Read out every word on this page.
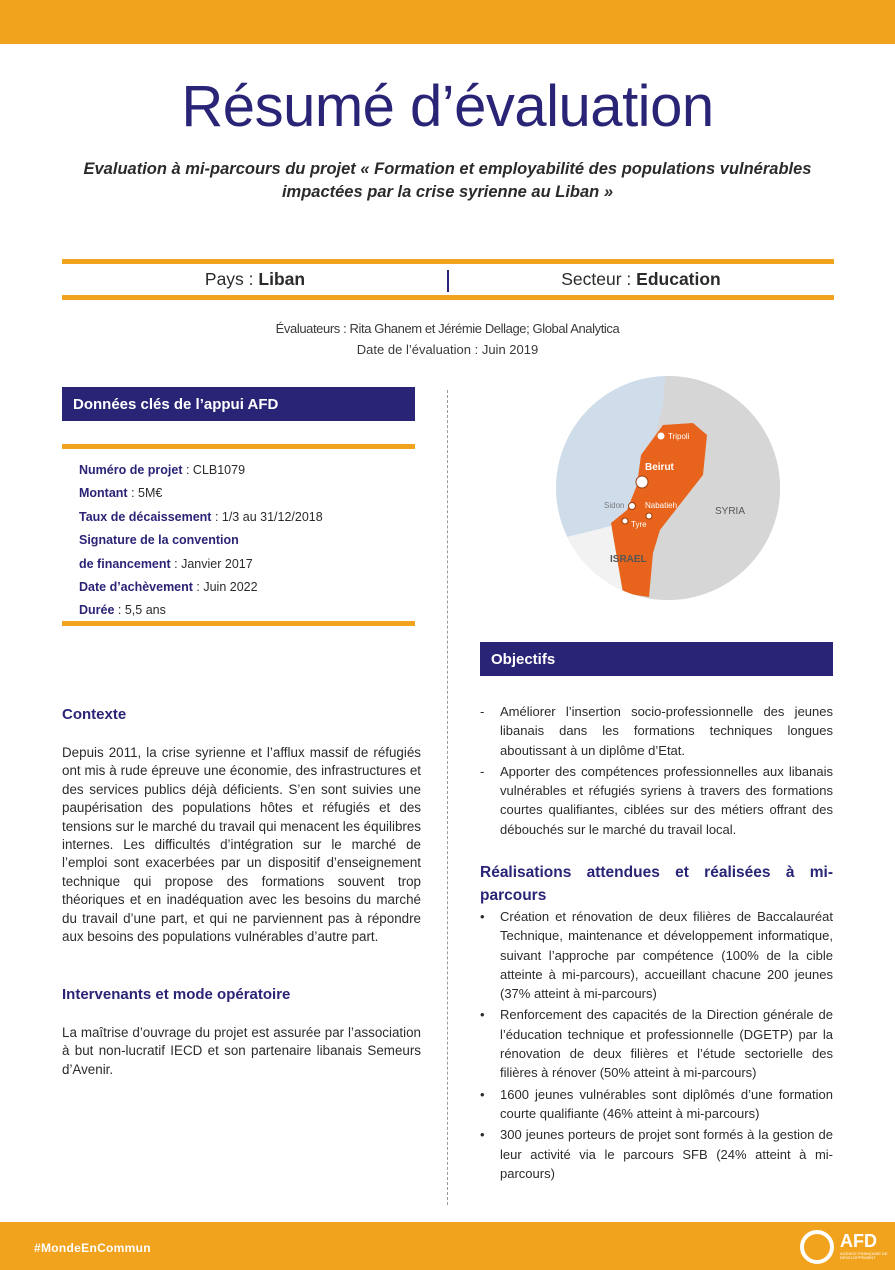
Résumé d’évaluation
Evaluation à mi-parcours du projet « Formation et employabilité des populations vulnérables
impactées par la crise syrienne au Liban »
Pays : Liban	Secteur : Education
Évaluateurs : Rita Ghanem et Jérémie Dellage; Global Analytica
Date de l’évaluation : Juin 2019
Données clés de l’appui AFD
Numéro de projet : CLB1079
Montant : 5M€
Taux de décaissement : 1/3 au 31/12/2018
Signature de la convention
de financement : Janvier 2017
Date d’achèvement : Juin 2022
Durée : 5,5 ans
Tripoli
Beirut
Sidon	Nabatieh
Tyre
ISRAEL
SYRIA
Contexte
Depuis 2011, la crise syrienne et l’afflux massif de réfugiés ont mis à rude épreuve une économie, des infrastructures et des services publics déjà déficients. S’en sont suivies une paupérisation des populations hôtes et réfugiés et des tensions sur le marché du travail qui menacent les équilibres internes. Les difficultés d’intégration sur le marché de l’emploi sont exacerbées par un dispositif d’enseignement technique qui propose des formations souvent trop théoriques et en inadéquation avec les besoins du marché du travail d’une part, et qui ne parviennent pas à répondre aux besoins des populations vulnérables d’autre part.
Intervenants et mode opératoire
La maîtrise d’ouvrage du projet est assurée par l’association à but non-lucratif IECD et son partenaire libanais Semeurs d’Avenir.
Objectifs
- Améliorer l’insertion socio-professionnelle des jeunes libanais dans les formations techniques longues aboutissant à un diplôme d’Etat.
- Apporter des compétences professionnelles aux libanais vulnérables et réfugiés syriens à travers des formations courtes qualifiantes, ciblées sur des métiers offrant des débouchés sur le marché du travail local.
Réalisations attendues et réalisées à mi-parcours
• Création et rénovation de deux filières de Baccalauréat Technique, maintenance et développement informatique, suivant l’approche par compétence (100% de la cible atteinte à mi-parcours), accueillant chacune 200 jeunes (37% atteint à mi-parcours)
• Renforcement des capacités de la Direction générale de l’éducation technique et professionnelle (DGETP) par la rénovation de deux filières et l’étude sectorielle des filières à rénover (50% atteint à mi-parcours)
• 1600 jeunes vulnérables sont diplômés d’une formation courte qualifiante (46% atteint à mi-parcours)
• 300 jeunes porteurs de projet sont formés à la gestion de leur activité via le parcours SFB (24% atteint à mi-parcours)
#MondeEnCommun	AFD
AGENCE FRANÇAISE DE DÉVELOPPEMENT
